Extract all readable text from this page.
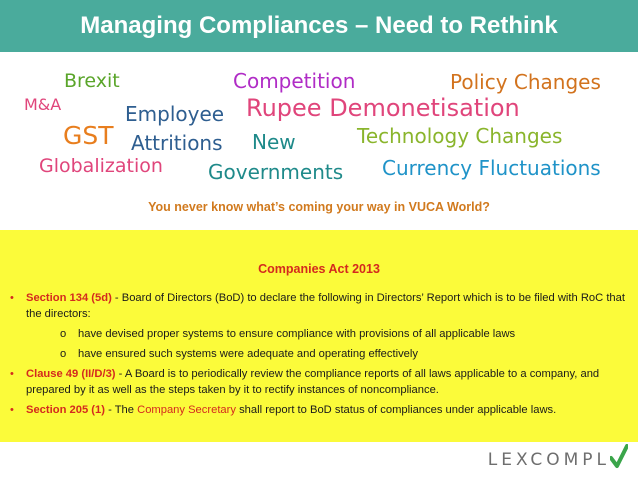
Managing Compliances – Need to Rethink
Brexit	Competition	Policy Changes
M&A	Employee Rupee Demonetisation
GST Attritions New	Technology Changes
Globalization Governments Currency Fluctuations
You never know what’s coming your way in VUCA World?
Companies Act 2013
• Section 134 (5d) - Board of Directors (BoD) to declare the following in Directors’ Report which is to be filed with RoC that the directors:
o have devised proper systems to ensure compliance with provisions of all applicable laws
o have ensured such systems were adequate and operating effectively
• Clause 49 (II/D/3) - A Board is to periodically review the compliance reports of all laws applicable to a company, and prepared by it as well as the steps taken by it to rectify instances of noncompliance.
• Section 205 (1) - The Company Secretary shall report to BoD status of compliances under applicable laws.
LEXCOMPL
